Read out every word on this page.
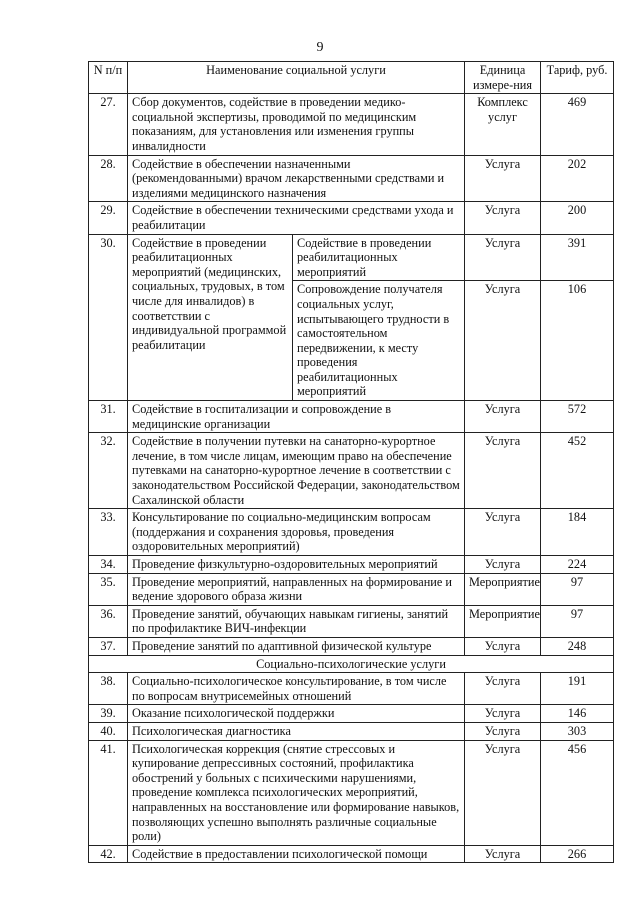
9
N п/п	Наименование социальной услуги		Единица измере-ния	Тариф, руб.
27.	Сбор документов, содействие в проведении медико-социальной экспертизы, проводимой по медицинским показаниям, для установления или изменения группы инвалидности		Комплекс услуг	469
28.	Содействие в обеспечении назначенными (рекомендованными) врачом лекарственными средствами и изделиями медицинского назначения		Услуга	202
29.	Содействие в обеспечении техническими средствами ухода и реабилитации		Услуга	200
30.	Содействие в проведении реабилитационных мероприятий (медицинских, социальных, трудовых, в том числе для инвалидов) в соответствии с индивидуальной программой реабилитации	Содействие в проведении реабилитационных мероприятий	Услуга	391
		Сопровождение получателя социальных услуг, испытывающего трудности в самостоятельном передвижении, к месту проведения реабилитационных мероприятий	Услуга	106
31.	Содействие в госпитализации и сопровождение в медицинские организации		Услуга	572
32.	Содействие в получении путевки на санаторно-курортное лечение, в том числе лицам, имеющим право на обеспечение путевками на санаторно-курортное лечение в соответствии с законодательством Российской Федерации, законодательством Сахалинской области		Услуга	452
33.	Консультирование по социально-медицинским вопросам (поддержания и сохранения здоровья, проведения оздоровительных мероприятий)		Услуга	184
34.	Проведение физкультурно-оздоровительных мероприятий		Услуга	224
35.	Проведение мероприятий, направленных на формирование и ведение здорового образа жизни		Мероприятие	97
36.	Проведение занятий, обучающих навыкам гигиены, занятий по профилактике ВИЧ-инфекции		Мероприятие	97
37.	Проведение занятий по адаптивной физической культуре		Услуга	248
Социально-психологические услуги				
38.	Социально-психологическое консультирование, в том числе по вопросам внутрисемейных отношений		Услуга	191
39.	Оказание психологической поддержки		Услуга	146
40.	Психологическая диагностика		Услуга	303
41.	Психологическая коррекция (снятие стрессовых и купирование депрессивных состояний, профилактика обострений у больных с психическими нарушениями, проведение комплекса психологических мероприятий, направленных на восстановление или формирование навыков, позволяющих успешно выполнять различные социальные роли)		Услуга	456
42.	Содействие в предоставлении психологической помощи		Услуга	266
